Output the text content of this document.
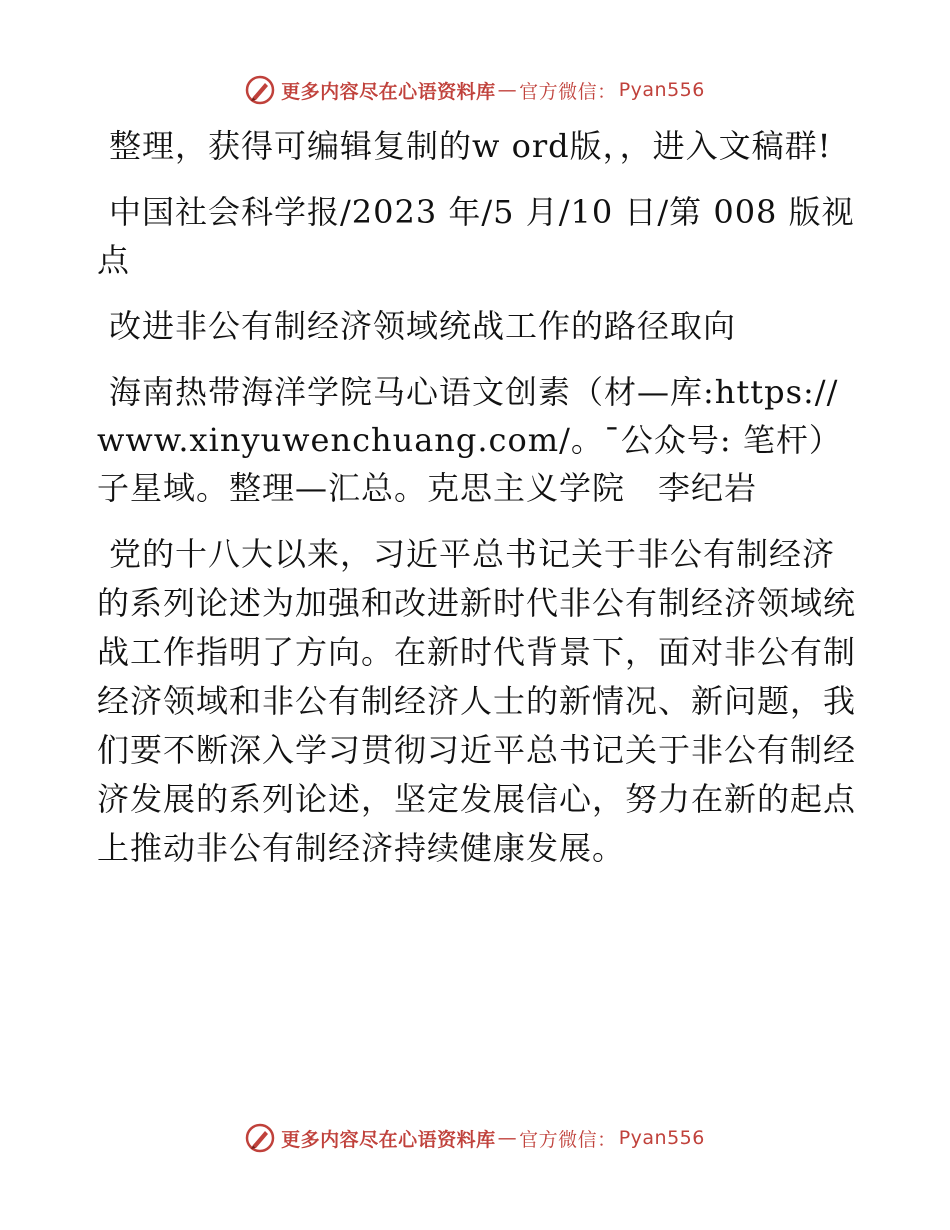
更多内容尽在心语资料库 — 官方微信： Pyan556

整理，获得可编辑复制的w ord版，，进入文稿群!

中国社会科学报/2023 年/5 月/10 日/第 008 版视点

改进非公有制经济领域统战工作的路径取向

海南热带海洋学院马心语文创素（材—库:https://www.xinyuwenchuang.com/。¯公众号: 笔杆）子星域。整理—汇总。克思主义学院　李纪岩

党的十八大以来，习近平总书记关于非公有制经济的系列论述为加强和改进新时代非公有制经济领域统战工作指明了方向。在新时代背景下，面对非公有制经济领域和非公有制经济人士的新情况、新问题，我们要不断深入学习贯彻习近平总书记关于非公有制经济发展的系列论述，坚定发展信心，努力在新的起点上推动非公有制经济持续健康发展。

更多内容尽在心语资料库 — 官方微信： Pyan556
